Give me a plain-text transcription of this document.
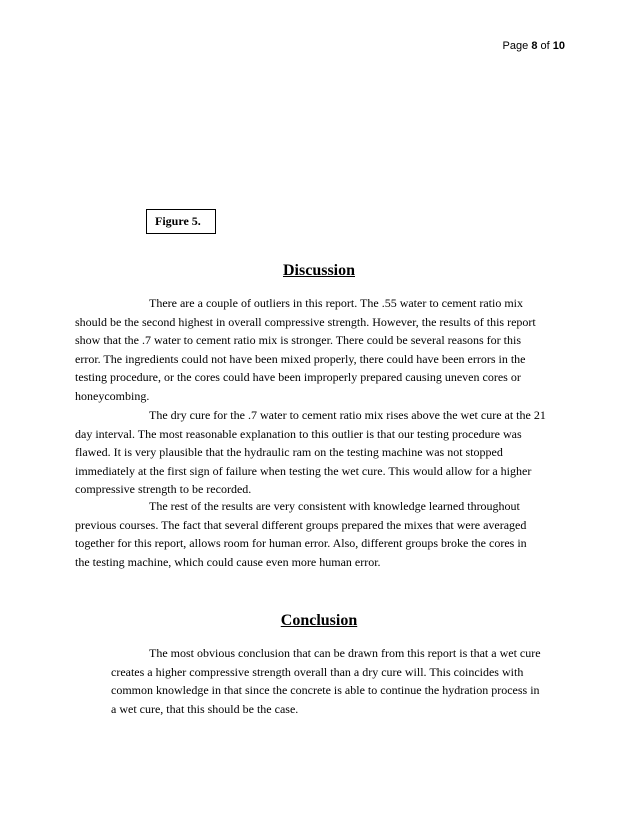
Page 8 of 10
Figure 5.
Discussion

There are a couple of outliers in this report. The .55 water to cement ratio mix
should be the second highest in overall compressive strength. However, the results of this report
show that the .7 water to cement ratio mix is stronger. There could be several reasons for this
error. The ingredients could not have been mixed properly, there could have been errors in the
testing procedure, or the cores could have been improperly prepared causing uneven cores or
honeycombing.

The dry cure for the .7 water to cement ratio mix rises above the wet cure at the 21
day interval. The most reasonable explanation to this outlier is that our testing procedure was
flawed. It is very plausible that the hydraulic ram on the testing machine was not stopped
immediately at the first sign of failure when testing the wet cure. This would allow for a higher
compressive strength to be recorded.

The rest of the results are very consistent with knowledge learned throughout
previous courses. The fact that several different groups prepared the mixes that were averaged
together for this report, allows room for human error. Also, different groups broke the cores in
the testing machine, which could cause even more human error.

Conclusion

The most obvious conclusion that can be drawn from this report is that a wet cure
creates a higher compressive strength overall than a dry cure will. This coincides with
common knowledge in that since the concrete is able to continue the hydration process in
a wet cure, that this should be the case.
